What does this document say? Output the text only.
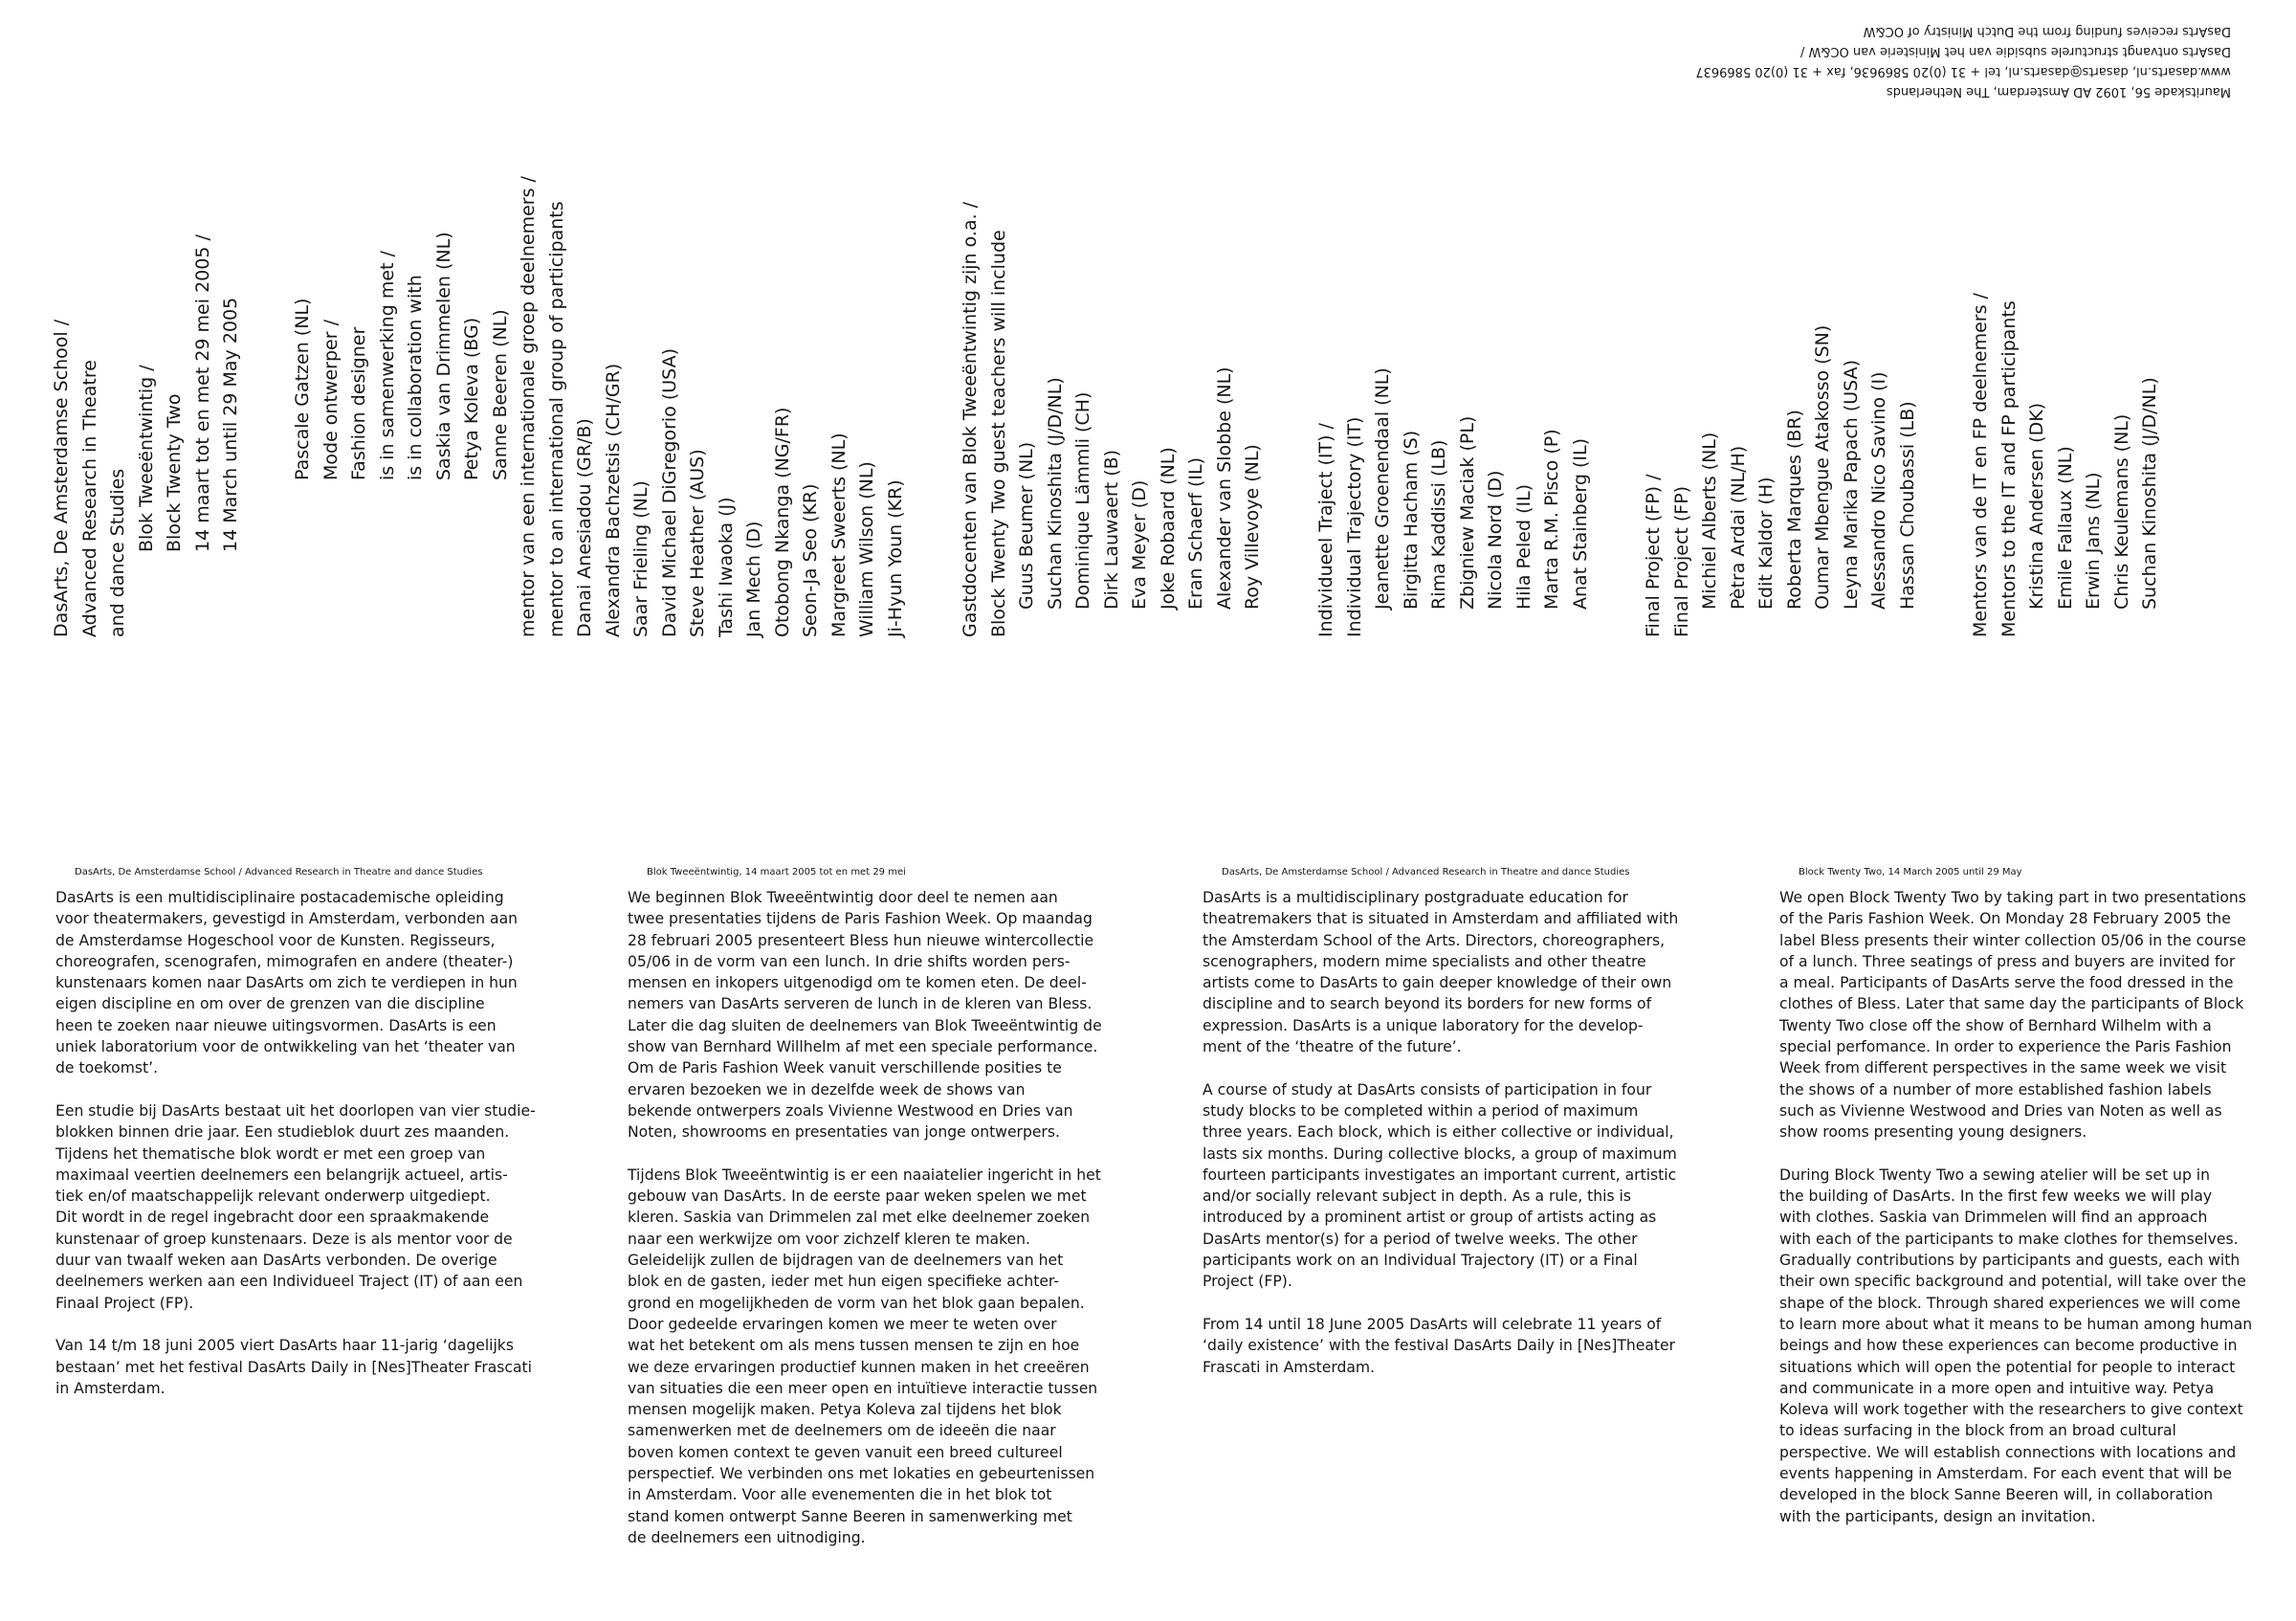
Mauritskade 56, 1092 AD Amsterdam, The Netherlands
www.dasarts.nl, dasarts@dasarts.nl, tel + 31 (0)20 5869636, fax + 31 (0)20 5869637
DasArts ontvangt structurele subsidie van het Ministerie van OC&W /
DasArts receives funding from the Dutch Ministry of OC&W
DasArts, De Amsterdamse School / Advanced Research in Theatre and dance Studies
Blok Tweeëntwintig / Block Twenty Two 14 maart tot en met 29 mei 2005 / 14 March until 29 May 2005	Pascale Gatzen (NL) Mode ontwerper / Fashion designer is in samenwerking met / is in collaboration with Saskia van Drimmelen (NL) Petya Koleva (BG) Sanne Beeren (NL) mentor van een internationale groep deelnemers / mentor to an international group of participants Danai Anesiadou (GR/B) Alexandra Bachzetsis (CH/GR) Saar Frieling (NL) David Michael DiGregorio (USA) Steve Heather (AUS) Tashi Iwaoka (J) Jan Mech (D) Otobong Nkanga (NG/FR) Seon-Ja Seo (KR) Margreet Sweerts (NL) William Wilson (NL) Ji-Hyun Youn (KR)	Gastdocenten van Blok Tweeëntwintig zijn o.a. / Block Twenty Two guest teachers will include Guus Beumer (NL) Suchan Kinoshita (J/D/NL) Dominique Lämmli (CH) Dirk Lauwaert (B) Eva Meyer (D) Joke Robaard (NL) Eran Schaerf (IL) Alexander van Slobbe (NL) Roy Villevoye (NL)	Individueel Traject (IT) / Individual Trajectory (IT) Jeanette Groenendaal (NL) Birgitta Hacham (S) Rima Kaddissi (LB) Zbigniew Maciak (PL) Nicola Nord (D) Hila Peled (IL) Marta R.M. Pisco (P) Anat Stainberg (IL)	Final Project (FP) / Final Project (FP) Michiel Alberts (NL) Pètra Ardai (NL/H) Edit Kaldor (H) Roberta Marques (BR) Oumar Mbengue Atakosso (SN) Leyna Marika Papach (USA) Alessandro Nico Savino (I) Hassan Choubassi (LB)	Mentors van de IT en FP deelnemers / Mentors to the IT and FP participants Kristina Andersen (DK) Emile Fallaux (NL) Erwin Jans (NL) Chris Keulemans (NL) Suchan Kinoshita (J/D/NL)
DasArts, De Amsterdamse School / Advanced Research in Theatre and dance Studies
DasArts is een multidisciplinaire postacademische opleiding
voor theatermakers, gevestigd in Amsterdam, verbonden aan
de Amsterdamse Hogeschool voor de Kunsten. Regisseurs,
choreografen, scenografen, mimografen en andere (theater-)
kunstenaars komen naar DasArts om zich te verdiepen in hun
eigen discipline en om over de grenzen van die discipline
heen te zoeken naar nieuwe uitingsvormen. DasArts is een
uniek laboratorium voor de ontwikkeling van het ‘theater van
de toekomst’.
Een studie bij DasArts bestaat uit het doorlopen van vier studie-
blokken binnen drie jaar. Een studieblok duurt zes maanden.
Tijdens het thematische blok wordt er met een groep van
maximaal veertien deelnemers een belangrijk actueel, artis-
tiek en/of maatschappelijk relevant onderwerp uitgediept.
Dit wordt in de regel ingebracht door een spraakmakende
kunstenaar of groep kunstenaars. Deze is als mentor voor de
duur van twaalf weken aan DasArts verbonden. De overige
deelnemers werken aan een Individueel Traject (IT) of aan een
Finaal Project (FP).
Van 14 t/m 18 juni 2005 viert DasArts haar 11-jarig ‘dagelijks
bestaan’ met het festival DasArts Daily in [Nes]Theater Frascati
in Amsterdam.
Blok Tweeëntwintig, 14 maart 2005 tot en met 29 mei
We beginnen Blok Tweeëntwintig door deel te nemen aan
twee presentaties tijdens de Paris Fashion Week. Op maandag
28 februari 2005 presenteert Bless hun nieuwe wintercollectie
05/06 in de vorm van een lunch. In drie shifts worden pers-
mensen en inkopers uitgenodigd om te komen eten. De deel-
nemers van DasArts serveren de lunch in de kleren van Bless.
Later die dag sluiten de deelnemers van Blok Tweeëntwintig de
show van Bernhard Willhelm af met een speciale performance.
Om de Paris Fashion Week vanuit verschillende posities te
ervaren bezoeken we in dezelfde week de shows van
bekende ontwerpers zoals Vivienne Westwood en Dries van
Noten, showrooms en presentaties van jonge ontwerpers.
Tijdens Blok Tweeëntwintig is er een naaiatelier ingericht in het
gebouw van DasArts. In de eerste paar weken spelen we met
kleren. Saskia van Drimmelen zal met elke deelnemer zoeken
naar een werkwijze om voor zichzelf kleren te maken.
Geleidelijk zullen de bijdragen van de deelnemers van het
blok en de gasten, ieder met hun eigen specifieke achter-
grond en mogelijkheden de vorm van het blok gaan bepalen.
Door gedeelde ervaringen komen we meer te weten over
wat het betekent om als mens tussen mensen te zijn en hoe
we deze ervaringen productief kunnen maken in het creeëren
van situaties die een meer open en intuïtieve interactie tussen
mensen mogelijk maken. Petya Koleva zal tijdens het blok
samenwerken met de deelnemers om de ideeën die naar
boven komen context te geven vanuit een breed cultureel
perspectief. We verbinden ons met lokaties en gebeurtenissen
in Amsterdam. Voor alle evenementen die in het blok tot
stand komen ontwerpt Sanne Beeren in samenwerking met
de deelnemers een uitnodiging.
DasArts, De Amsterdamse School / Advanced Research in Theatre and dance Studies
DasArts is a multidisciplinary postgraduate education for
theatremakers that is situated in Amsterdam and affiliated with
the Amsterdam School of the Arts. Directors, choreographers,
scenographers, modern mime specialists and other theatre
artists come to DasArts to gain deeper knowledge of their own
discipline and to search beyond its borders for new forms of
expression. DasArts is a unique laboratory for the develop-
ment of the ‘theatre of the future’.
A course of study at DasArts consists of participation in four
study blocks to be completed within a period of maximum
three years. Each block, which is either collective or individual,
lasts six months. During collective blocks, a group of maximum
fourteen participants investigates an important current, artistic
and/or socially relevant subject in depth. As a rule, this is
introduced by a prominent artist or group of artists acting as
DasArts mentor(s) for a period of twelve weeks. The other
participants work on an Individual Trajectory (IT) or a Final
Project (FP).
From 14 until 18 June 2005 DasArts will celebrate 11 years of
‘daily existence’ with the festival DasArts Daily in [Nes]Theater
Frascati in Amsterdam.
Block Twenty Two, 14 March 2005 until 29 May
We open Block Twenty Two by taking part in two presentations
of the Paris Fashion Week. On Monday 28 February 2005 the
label Bless presents their winter collection 05/06 in the course
of a lunch. Three seatings of press and buyers are invited for
a meal. Participants of DasArts serve the food dressed in the
clothes of Bless. Later that same day the participants of Block
Twenty Two close off the show of Bernhard Wilhelm with a
special perfomance. In order to experience the Paris Fashion
Week from different perspectives in the same week we visit
the shows of a number of more established fashion labels
such as Vivienne Westwood and Dries van Noten as well as
show rooms presenting young designers.
During Block Twenty Two a sewing atelier will be set up in
the building of DasArts. In the first few weeks we will play
with clothes. Saskia van Drimmelen will find an approach
with each of the participants to make clothes for themselves.
Gradually contributions by participants and guests, each with
their own specific background and potential, will take over the
shape of the block. Through shared experiences we will come
to learn more about what it means to be human among human
beings and how these experiences can become productive in
situations which will open the potential for people to interact
and communicate in a more open and intuitive way. Petya
Koleva will work together with the researchers to give context
to ideas surfacing in the block from an broad cultural
perspective. We will establish connections with locations and
events happening in Amsterdam. For each event that will be
developed in the block Sanne Beeren will, in collaboration
with the participants, design an invitation.
